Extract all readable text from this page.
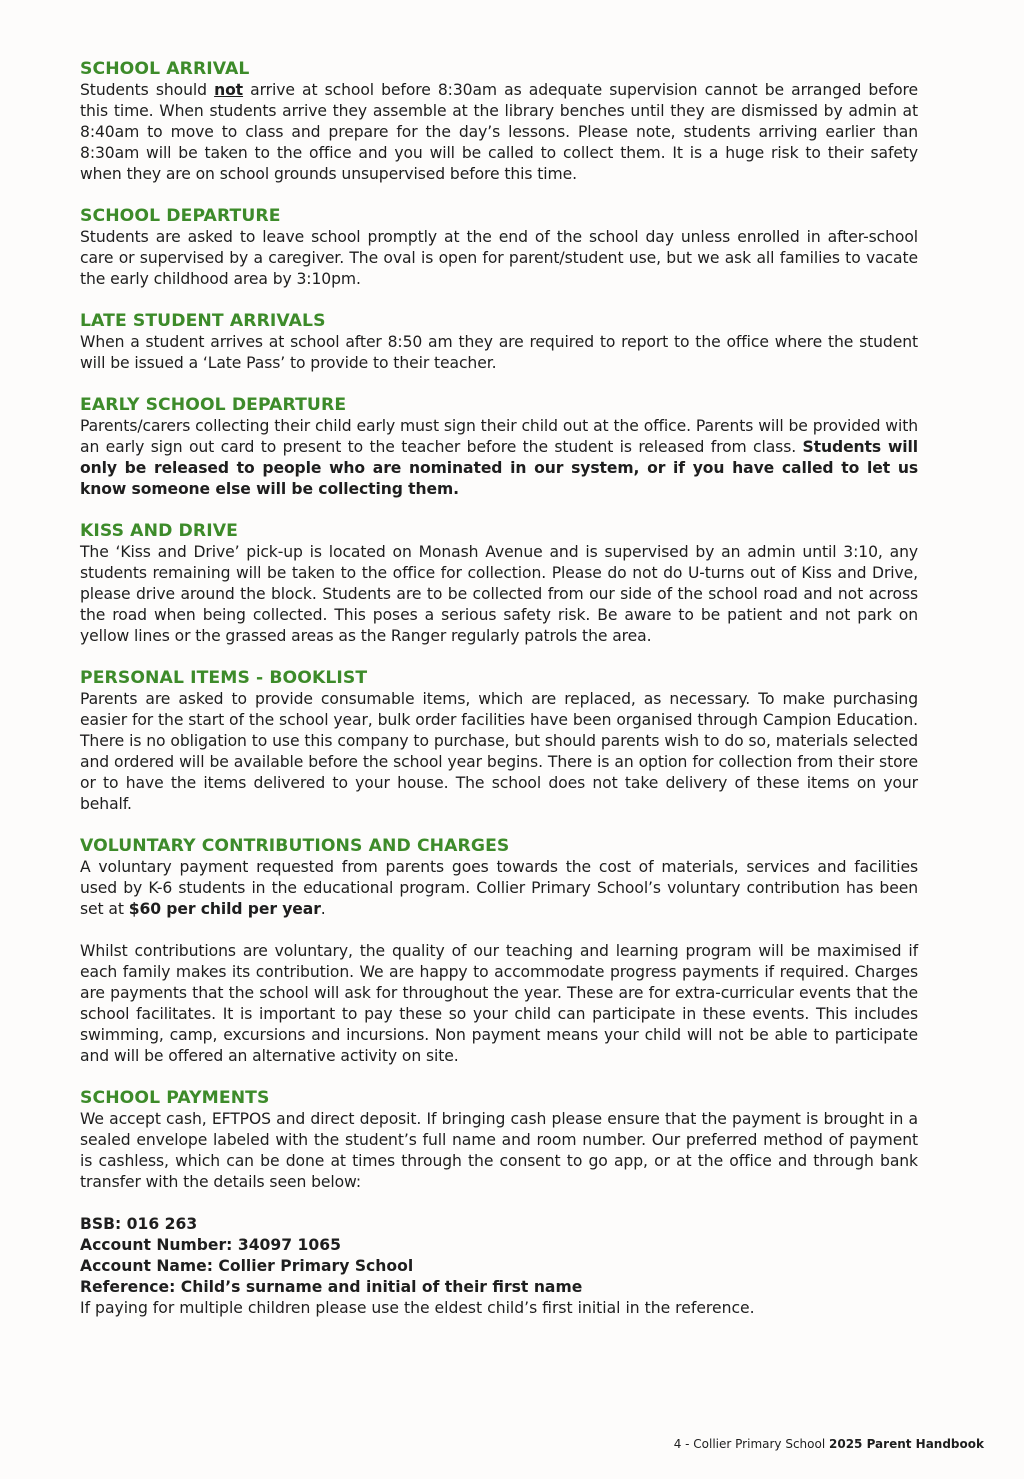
SCHOOL ARRIVAL

Students should not arrive at school before 8:30am as adequate supervision cannot be arranged before this time. When students arrive they assemble at the library benches until they are dismissed by admin at 8:40am to move to class and prepare for the day’s lessons. Please note, students arriving earlier than 8:30am will be taken to the office and you will be called to collect them. It is a huge risk to their safety when they are on school grounds unsupervised before this time.

SCHOOL DEPARTURE

Students are asked to leave school promptly at the end of the school day unless enrolled in after-school care or supervised by a caregiver. The oval is open for parent/student use, but we ask all families to vacate the early childhood area by 3:10pm.

LATE STUDENT ARRIVALS

When a student arrives at school after 8:50 am they are required to report to the office where the student will be issued a ‘Late Pass’ to provide to their teacher.

EARLY SCHOOL DEPARTURE

Parents/carers collecting their child early must sign their child out at the office. Parents will be provided with an early sign out card to present to the teacher before the student is released from class. Students will only be released to people who are nominated in our system, or if you have called to let us know someone else will be collecting them.

KISS AND DRIVE

The ‘Kiss and Drive’ pick-up is located on Monash Avenue and is supervised by an admin until 3:10, any students remaining will be taken to the office for collection. Please do not do U-turns out of Kiss and Drive, please drive around the block. Students are to be collected from our side of the school road and not across the road when being collected. This poses a serious safety risk. Be aware to be patient and not park on yellow lines or the grassed areas as the Ranger regularly patrols the area.

PERSONAL ITEMS - BOOKLIST

Parents are asked to provide consumable items, which are replaced, as necessary. To make purchasing easier for the start of the school year, bulk order facilities have been organised through Campion Education. There is no obligation to use this company to purchase, but should parents wish to do so, materials selected and ordered will be available before the school year begins. There is an option for collection from their store or to have the items delivered to your house. The school does not take delivery of these items on your behalf.

VOLUNTARY CONTRIBUTIONS AND CHARGES

A voluntary payment requested from parents goes towards the cost of materials, services and facilities used by K-6 students in the educational program. Collier Primary School’s voluntary contribution has been set at $60 per child per year.

Whilst contributions are voluntary, the quality of our teaching and learning program will be maximised if each family makes its contribution. We are happy to accommodate progress payments if required. Charges are payments that the school will ask for throughout the year. These are for extra-curricular events that the school facilitates. It is important to pay these so your child can participate in these events. This includes swimming, camp, excursions and incursions. Non payment means your child will not be able to participate and will be offered an alternative activity on site.

SCHOOL PAYMENTS

We accept cash, EFTPOS and direct deposit. If bringing cash please ensure that the payment is brought in a sealed envelope labeled with the student’s full name and room number. Our preferred method of payment is cashless, which can be done at times through the consent to go app, or at the office and through bank transfer with the details seen below:

BSB: 016 263
Account Number: 34097 1065
Account Name: Collier Primary School
Reference: Child’s surname and initial of their first name
If paying for multiple children please use the eldest child’s first initial in the reference.
4 - Collier Primary School 2025 Parent Handbook
